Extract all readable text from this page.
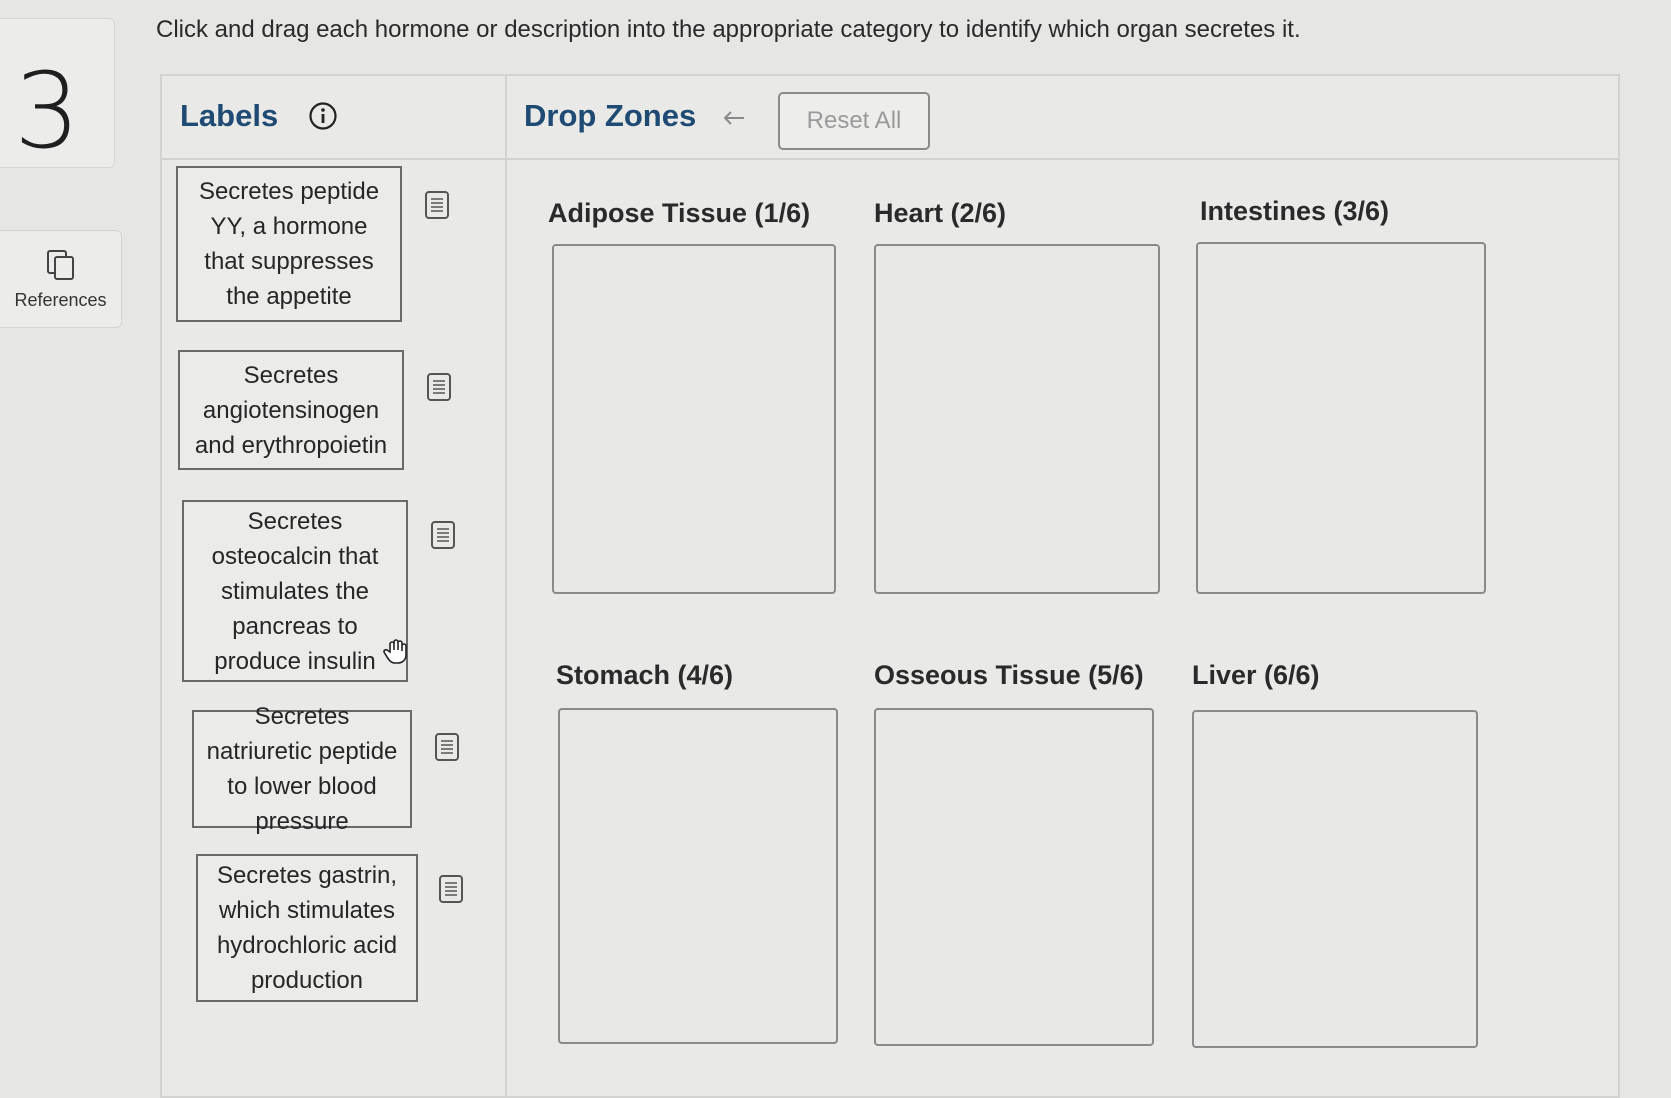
3
References
Click and drag each hormone or description into the appropriate category to identify which organ secretes it.
Labels	Drop Zones	Reset All
Secretes peptide YY, a hormone that suppresses the appetite
Secretes angiotensinogen and erythropoietin
Secretes osteocalcin that stimulates the pancreas to produce insulin
Secretes natriuretic peptide to lower blood pressure
Secretes gastrin, which stimulates hydrochloric acid production
Adipose Tissue (1/6) Heart (2/6)	Intestines (3/6)
Stomach (4/6)	Osseous Tissue (5/6) Liver (6/6)
